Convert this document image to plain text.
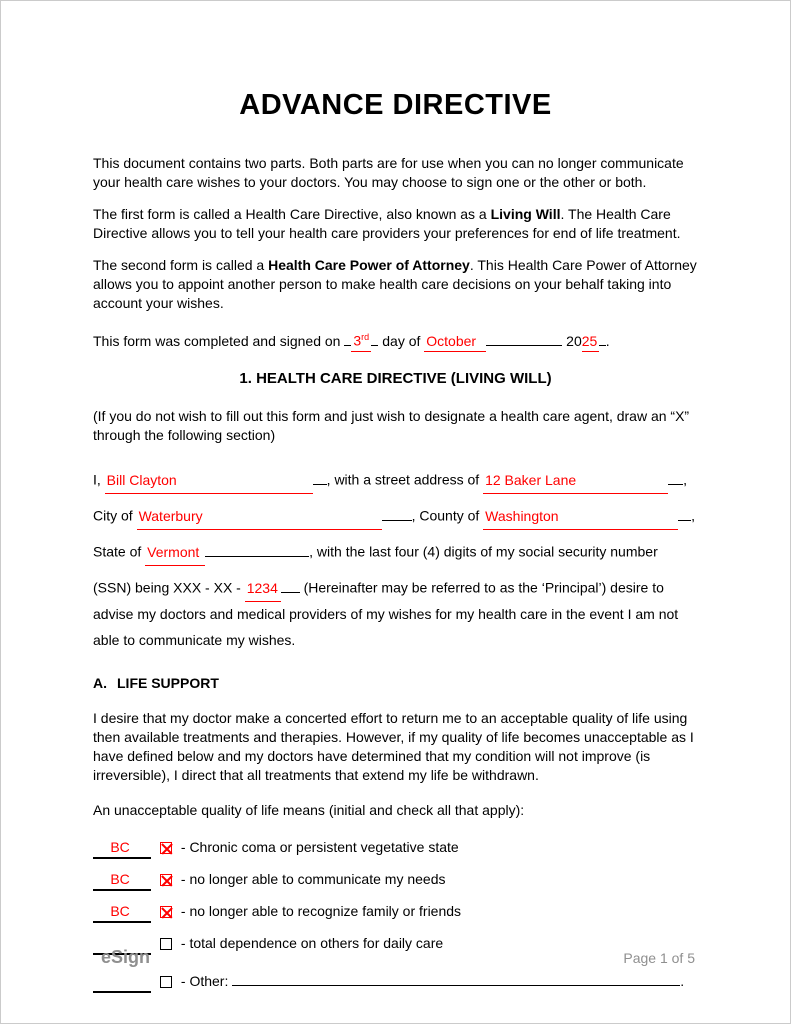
ADVANCE DIRECTIVE

This document contains two parts. Both parts are for use when you can no longer communicate your health care wishes to your doctors. You may choose to sign one or the other or both.

The first form is called a Health Care Directive, also known as a Living Will. The Health Care Directive allows you to tell your health care providers your preferences for end of life treatment.

The second form is called a Health Care Power of Attorney. This Health Care Power of Attorney allows you to appoint another person to make health care decisions on your behalf taking into account your wishes.

This form was completed and signed on 3rd day of October	2025 .

1. HEALTH CARE DIRECTIVE (LIVING WILL)

(If you do not wish to fill out this form and just wish to designate a health care agent, draw an “X” through the following section)

I, Bill Clayton	, with a street address of 12 Baker Lane	,
City of Waterbury	, County of Washington	,
State of Vermont	, with the last four (4) digits of my social security number
(SSN) being XXX - XX - 1234 (Hereinafter may be referred to as the ‘Principal’) desire to
advise my doctors and medical providers of my wishes for my health care in the event I am not
able to communicate my wishes.

A. LIFE SUPPORT

I desire that my doctor make a concerted effort to return me to an acceptable quality of life using then available treatments and therapies. However, if my quality of life becomes unacceptable as I have defined below and my doctors have determined that my condition will not improve (is irreversible), I direct that all treatments that extend my life be withdrawn.

An unacceptable quality of life means (initial and check all that apply):

BC	- Chronic coma or persistent vegetative state
BC	- no longer able to communicate my needs
BC	- no longer able to recognize family or friends
- total dependence on others for daily care
- Other:	.
eSign	Page 1 of 5
